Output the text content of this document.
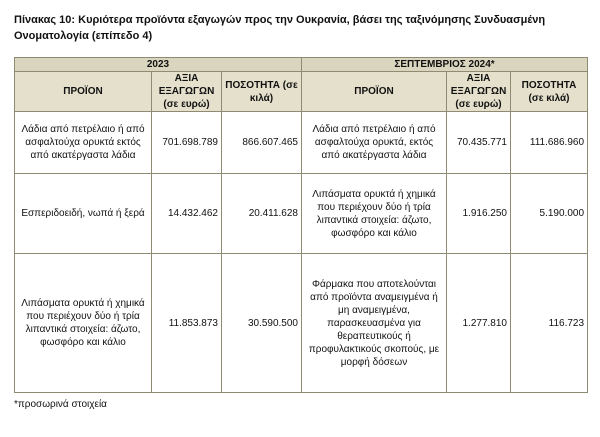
Πίνακας 10: Κυριότερα προϊόντα εξαγωγών προς την Ουκρανία, βάσει της ταξινόμησης Συνδυασμένη Ονοματολογία (επίπεδο 4)
2023			ΣΕΠΤΕΜΒΡΙΟΣ 2024*		
ΠΡΟΪΟΝ	ΑΞΙΑ ΕΞΑΓΩΓΩΝ (σε ευρώ)	ΠΟΣΟΤΗΤΑ (σε κιλά)	ΠΡΟΪΟΝ	ΑΞΙΑ ΕΞΑΓΩΓΩΝ (σε ευρώ)	ΠΟΣΟΤΗΤΑ (σε κιλά)
Λάδια από πετρέλαιο ή από ασφαλτούχα ορυκτά εκτός από ακατέργαστα λάδια	701.698.789	866.607.465	Λάδια από πετρέλαιο ή από ασφαλτούχα ορυκτά, εκτός από ακατέργαστα λάδια	70.435.771	111.686.960
Εσπεριδοειδή, νωπά ή ξερά	14.432.462	20.411.628	Λιπάσματα ορυκτά ή χημικά που περιέχουν δύο ή τρία λιπαντικά στοιχεία: άζωτο, φωσφόρο και κάλιο	1.916.250	5.190.000
Λιπάσματα ορυκτά ή χημικά που περιέχουν δύο ή τρία λιπαντικά στοιχεία: άζωτο, φωσφόρο και κάλιο	11.853.873	30.590.500	Φάρμακα που αποτελούνται από προϊόντα αναμειγμένα ή μη αναμειγμένα, παρασκευασμένα για θεραπευτικούς ή προφυλακτικούς σκοπούς, με μορφή δόσεων	1.277.810	116.723
*προσωρινά στοιχεία
